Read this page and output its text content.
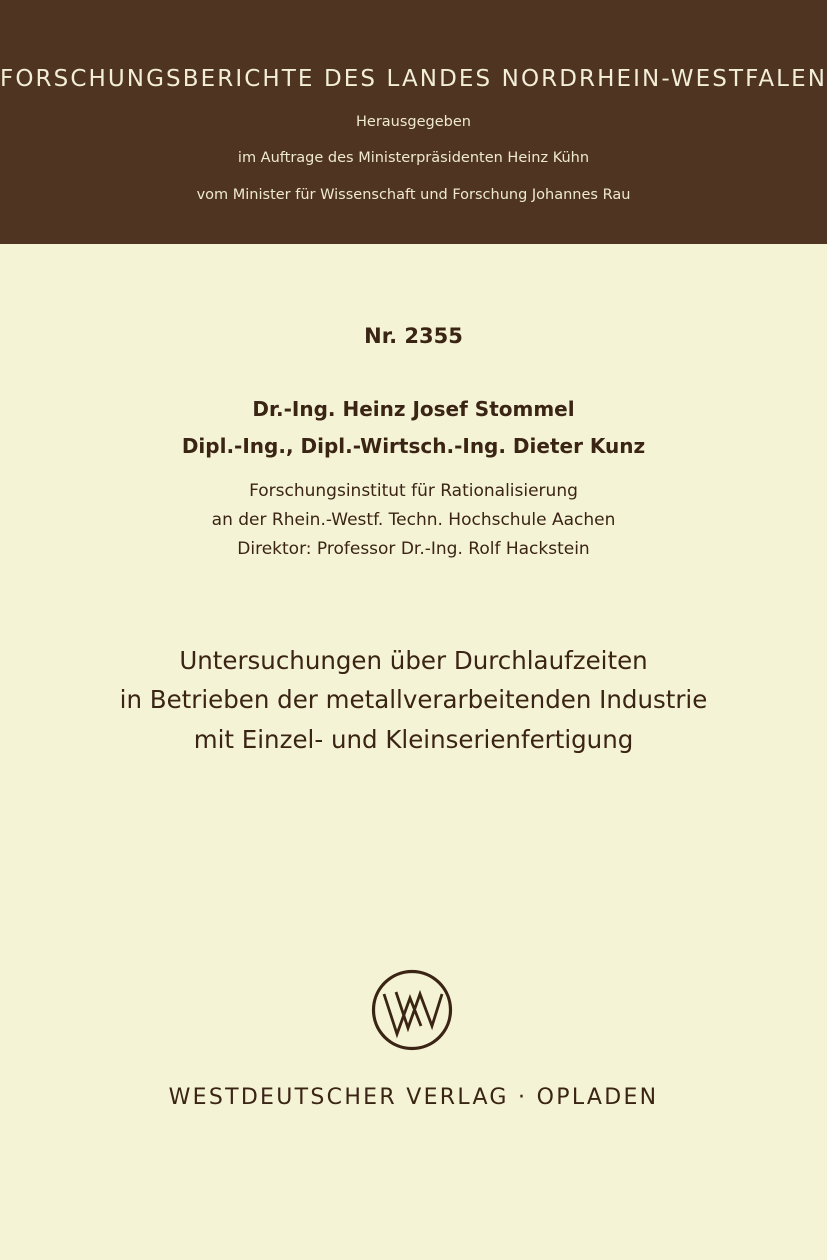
FORSCHUNGSBERICHTE DES LANDES NORDRHEIN-WESTFALEN
Herausgegeben
im Auftrage des Ministerpräsidenten Heinz Kühn
vom Minister für Wissenschaft und Forschung Johannes Rau
Nr. 2355
Dr.-Ing. Heinz Josef Stommel
Dipl.-Ing., Dipl.-Wirtsch.-Ing. Dieter Kunz
Forschungsinstitut für Rationalisierung
an der Rhein.-Westf. Techn. Hochschule Aachen
Direktor: Professor Dr.-Ing. Rolf Hackstein
Untersuchungen über Durchlaufzeiten
in Betrieben der metallverarbeitenden Industrie
mit Einzel- und Kleinserienfertigung
WESTDEUTSCHER VERLAG · OPLADEN
